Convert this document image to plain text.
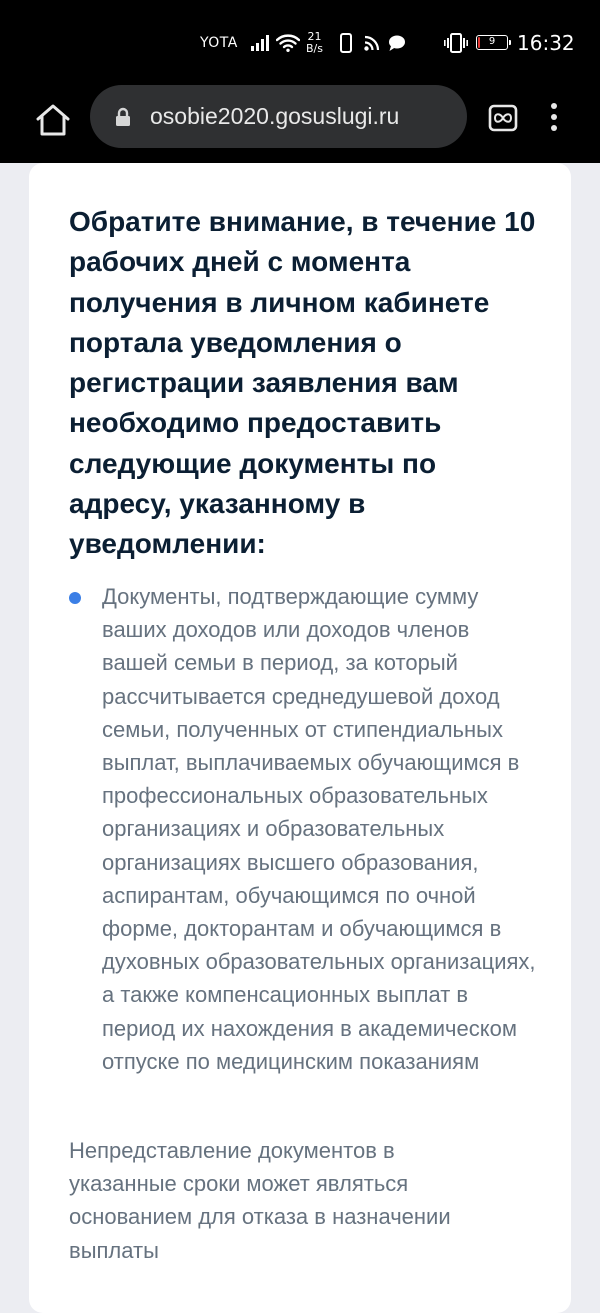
YOTA	21
B/s	9	16:32
osobie2020.gosuslugi.ru
Обратите внимание, в течение 10 рабочих дней с момента получения в личном кабинете портала уведомления о регистрации заявления вам необходимо предоставить следующие документы по адресу, указанному в уведомлении:
Документы, подтверждающие сумму ваших доходов или доходов членов вашей семьи в период, за который рассчитывается среднедушевой доход семьи, полученных от стипендиальных выплат, выплачиваемых обучающимся в профессиональных образовательных организациях и образовательных организациях высшего образования, аспирантам, обучающимся по очной форме, докторантам и обучающимся в духовных образовательных организациях, а также компенсационных выплат в период их нахождения в академическом отпуске по медицинским показаниям

Непредставление документов в указанные сроки может являться основанием для отказа в назначении выплаты
